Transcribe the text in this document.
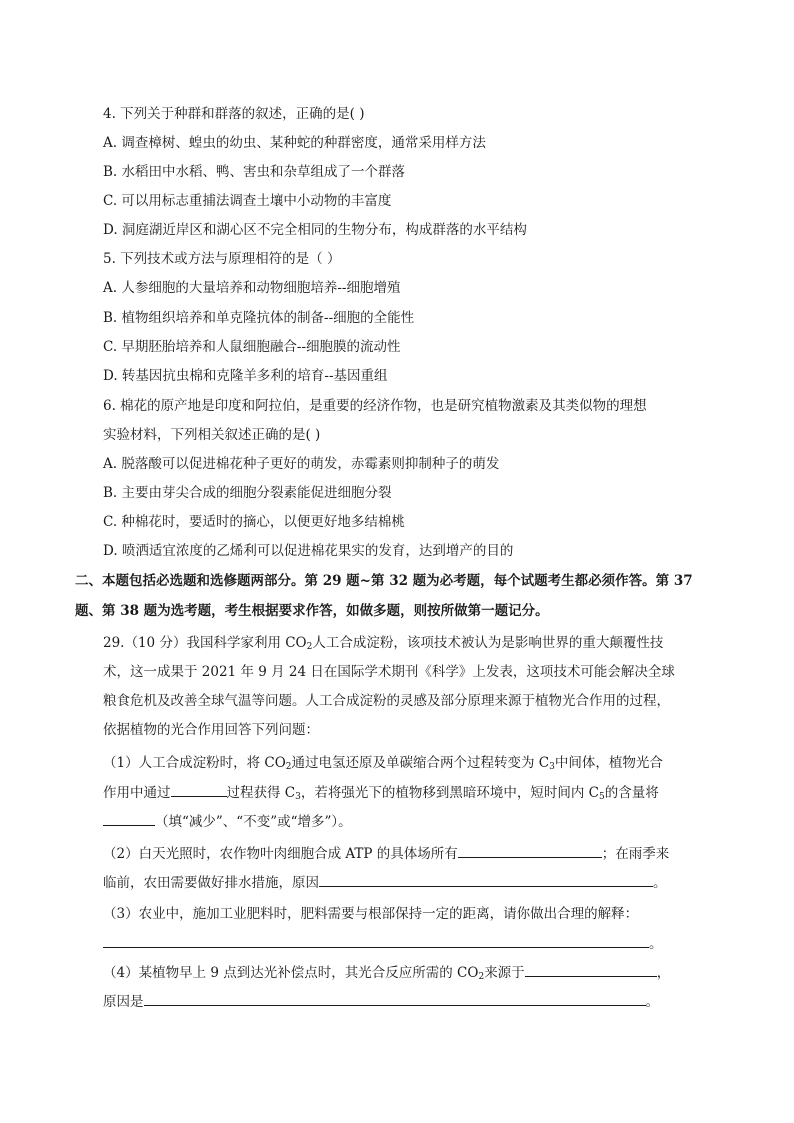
4. 下列关于种群和群落的叙述，正确的是( )
A. 调查樟树、蝗虫的幼虫、某种蛇的种群密度，通常采用样方法
B. 水稻田中水稻、鸭、害虫和杂草组成了一个群落
C. 可以用标志重捕法调查土壤中小动物的丰富度
D. 洞庭湖近岸区和湖心区不完全相同的生物分布，构成群落的水平结构
5. 下列技术或方法与原理相符的是（ ）
A. 人参细胞的大量培养和动物细胞培养--细胞增殖
B. 植物组织培养和单克隆抗体的制备--细胞的全能性
C. 早期胚胎培养和人鼠细胞融合--细胞膜的流动性
D. 转基因抗虫棉和克隆羊多利的培育--基因重组
6. 棉花的原产地是印度和阿拉伯，是重要的经济作物，也是研究植物激素及其类似物的理想
实验材料，下列相关叙述正确的是( )
A. 脱落酸可以促进棉花种子更好的萌发，赤霉素则抑制种子的萌发
B. 主要由芽尖合成的细胞分裂素能促进细胞分裂
C. 种棉花时，要适时的摘心，以便更好地多结棉桃
D. 喷洒适宜浓度的乙烯利可以促进棉花果实的发育，达到增产的目的
二、本题包括必选题和选修题两部分。第 29 题~第 32 题为必考题，每个试题考生都必须作答。第 37
题、第 38 题为选考题，考生根据要求作答，如做多题，则按所做第一题记分。
29.（10 分）我国科学家利用 $CO_2$人工合成淀粉，该项技术被认为是影响世界的重大颠覆性技
术，这一成果于 2021 年 9 月 24 日在国际学术期刊《科学》上发表，这项技术可能会解决全球
粮食危机及改善全球气温等问题。人工合成淀粉的灵感及部分原理来源于植物光合作用的过程，
依据植物的光合作用回答下列问题：
（1）人工合成淀粉时，将 $CO_2$通过电氢还原及单碳缩合两个过程转变为 $C_3$中间体，植物光合
作用中通过	过程获得 $C_3$，若将强光下的植物移到黑暗环境中，短时间内 $C_5$的含量将
（填“减少”、“不变”或“增多”）。
（2）白天光照时，农作物叶肉细胞合成 ATP 的具体场所有	；在雨季来
临前，农田需要做好排水措施，原因	。
（3）农业中，施加工业肥料时，肥料需要与根部保持一定的距离，请你做出合理的解释：
。
（4）某植物早上 9 点到达光补偿点时，其光合反应所需的 $CO_2$来源于	，
原因是	。
